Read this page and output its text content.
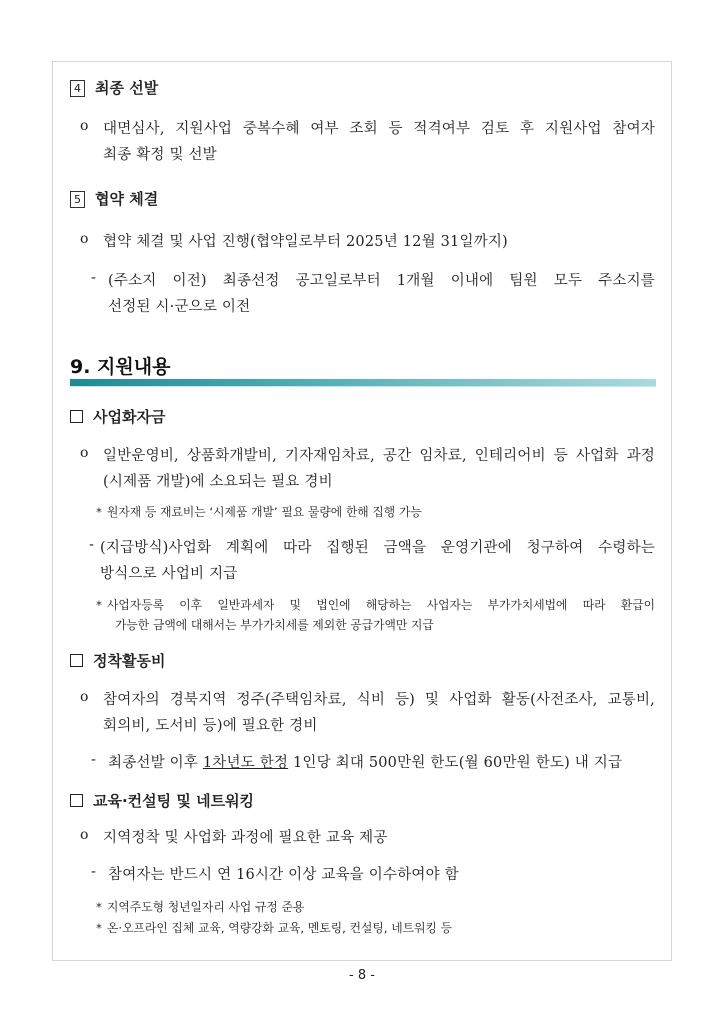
4 최종 선발
o 대면심사, 지원사업 중복수혜 여부 조회 등 적격여부 검토 후 지원사업 참여자
최종 확정 및 선발
5 협약 체결
o 협약 체결 및 사업 진행(협약일로부터 2025년 12월 31일까지)
- (주소지 이전) 최종선정 공고일로부터 1개월 이내에 팀원 모두 주소지를
선정된 시·군으로 이전
9. 지원내용
사업화자금
o 일반운영비, 상품화개발비, 기자재임차료, 공간 임차료, 인테리어비 등 사업화 과정
(시제품 개발)에 소요되는 필요 경비
* 원자재 등 재료비는 ‘시제품 개발’ 필요 물량에 한해 집행 가능
- (지급방식)사업화 계획에 따라 집행된 금액을 운영기관에 청구하여 수령하는
방식으로 사업비 지급
* 사업자등록 이후 일반과세자 및 법인에 해당하는 사업자는 부가가치세법에 따라 환급이
가능한 금액에 대해서는 부가가치세를 제외한 공급가액만 지급
정착활동비
o 참여자의 경북지역 정주(주택임차료, 식비 등) 및 사업화 활동(사전조사, 교통비,
회의비, 도서비 등)에 필요한 경비
- 최종선발 이후 1차년도 한정 1인당 최대 500만원 한도(월 60만원 한도) 내 지급
교육·컨설팅 및 네트워킹
o 지역정착 및 사업화 과정에 필요한 교육 제공
- 참여자는 반드시 연 16시간 이상 교육을 이수하여야 함
* 지역주도형 청년일자리 사업 규정 준용
* 온·오프라인 집체 교육, 역량강화 교육, 멘토링, 컨설팅, 네트워킹 등
- 8 -
